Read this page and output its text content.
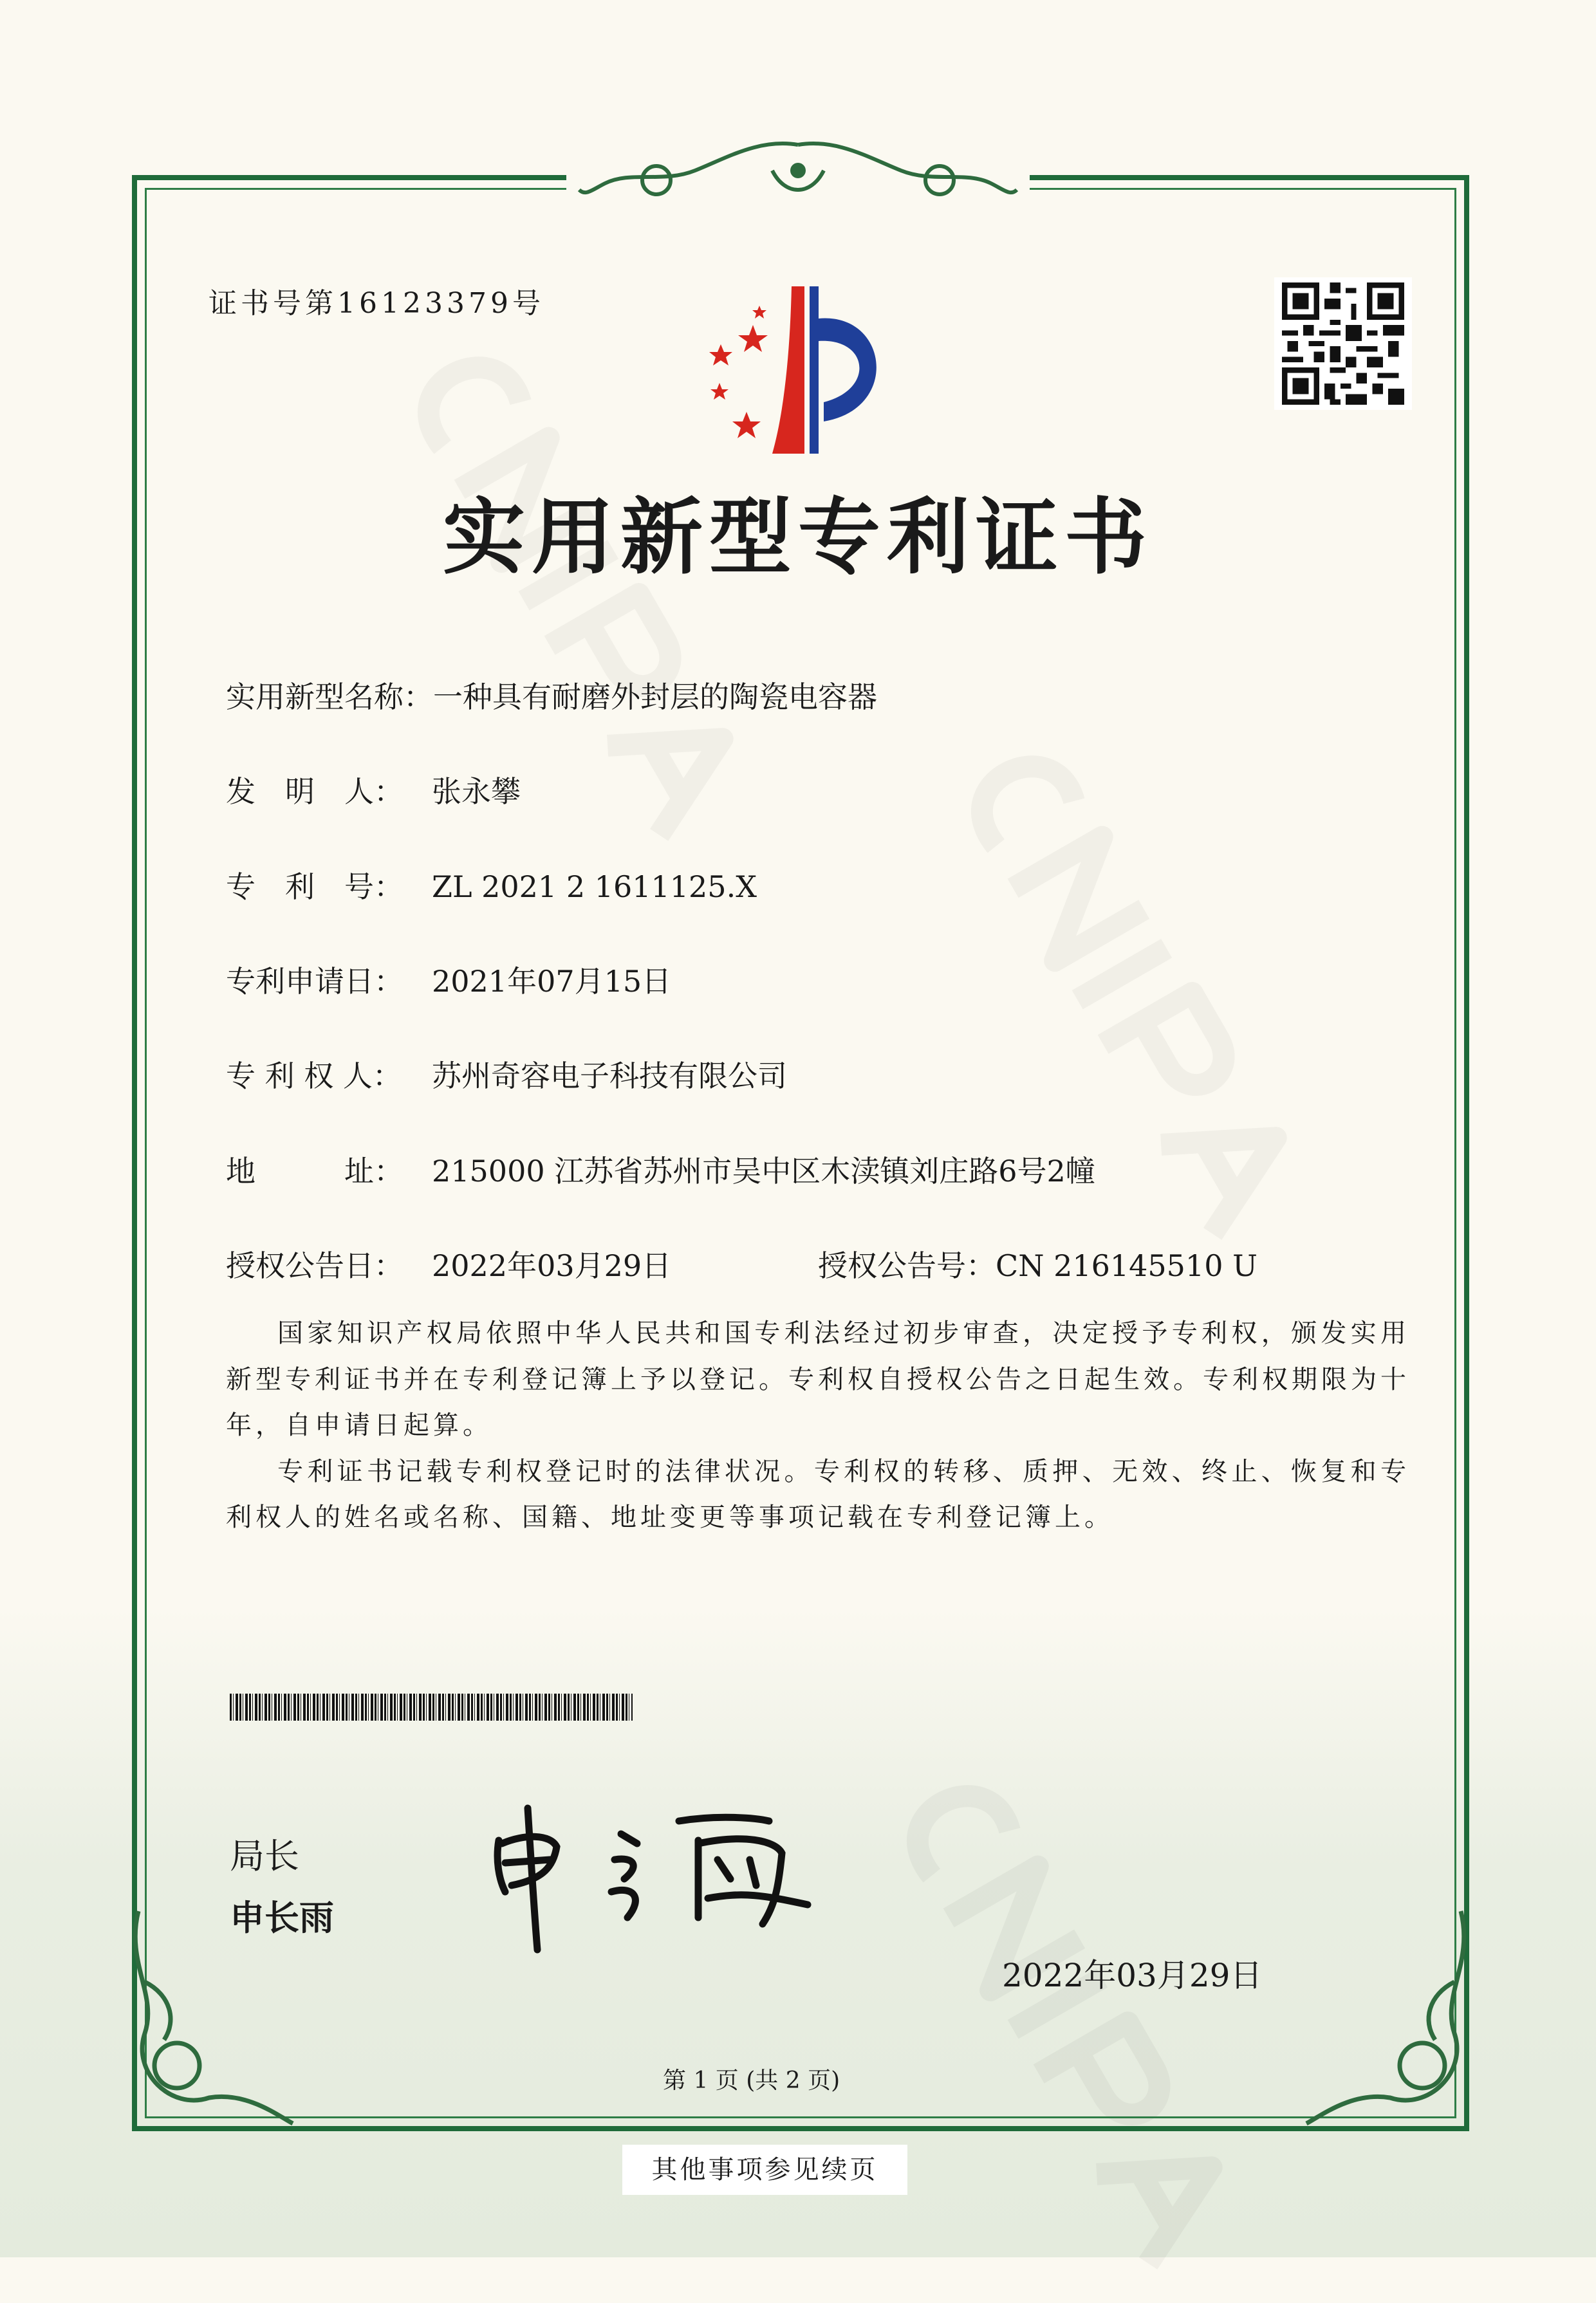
证书号第16123379号
实用新型专利证书
实用新型名称：一种具有耐磨外封层的陶瓷电容器
发　明　人： 张永攀
专　利　号： ZL 2021 2 1611125.X
专利申请日： 2021年07月15日
专 利 权 人： 苏州奇容电子科技有限公司
地　　　址： 215000 江苏省苏州市吴中区木渎镇刘庄路6号2幢
授权公告日： 2022年03月29日	授权公告号：CN 216145510 U

国家知识产权局依照中华人民共和国专利法经过初步审查，决定授予专利权，颁发实用新型专利证书并在专利登记簿上予以登记。专利权自授权公告之日起生效。专利权期限为十年，自申请日起算。

专利证书记载专利权登记时的法律状况。专利权的转移、质押、无效、终止、恢复和专利权人的姓名或名称、国籍、地址变更等事项记载在专利登记簿上。

局长
申长雨
2022年03月29日
第 1 页 (共 2 页)
其他事项参见续页
